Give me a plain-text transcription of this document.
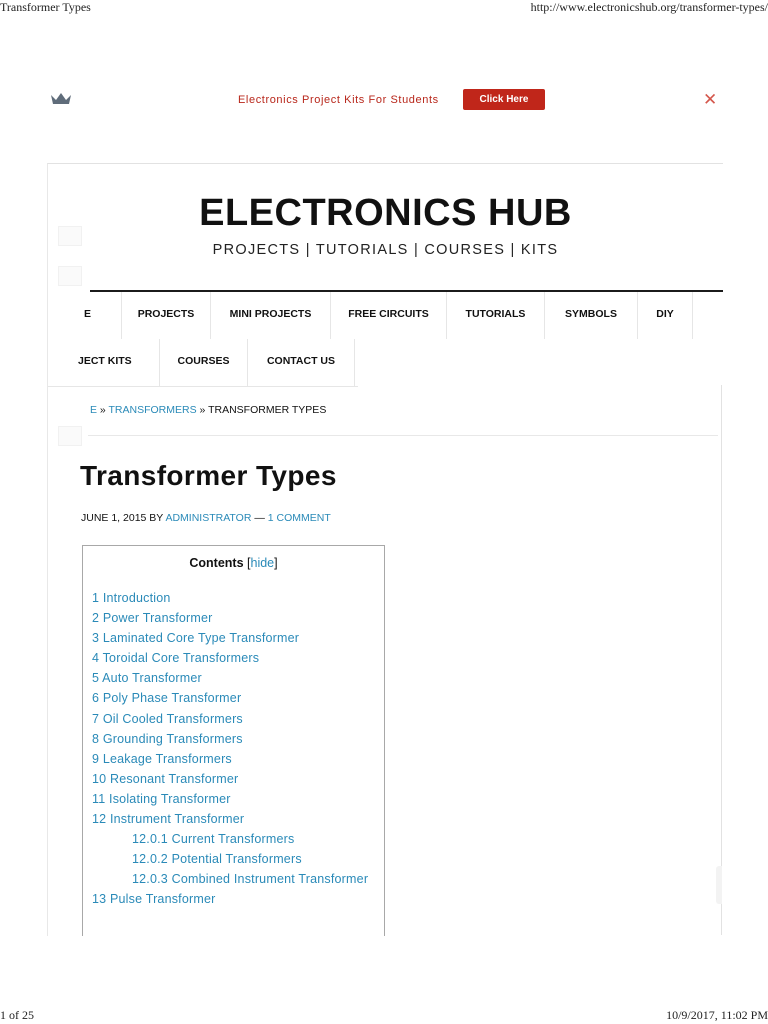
Transformer Types	http://www.electronicshub.org/transformer-types/
Electronics Project Kits For Students	Click Here	✕
ELECTRONICS HUB
PROJECTS | TUTORIALS | COURSES | KITS
E	PROJECTS	MINI PROJECTS	FREE CIRCUITS	TUTORIALS	SYMBOLS	DIY
JECT KITS	COURSES	CONTACT US
E » TRANSFORMERS » TRANSFORMER TYPES
Transformer Types
JUNE 1, 2015 BY ADMINISTRATOR — 1 COMMENT
Contents [hide]
1 Introduction
2 Power Transformer
3 Laminated Core Type Transformer
4 Toroidal Core Transformers
5 Auto Transformer
6 Poly Phase Transformer
7 Oil Cooled Transformers
8 Grounding Transformers
9 Leakage Transformers
10 Resonant Transformer
11 Isolating Transformer
12 Instrument Transformer
12.0.1 Current Transformers
12.0.2 Potential Transformers
12.0.3 Combined Instrument Transformer
13 Pulse Transformer
1 of 25	10/9/2017, 11:02 PM
